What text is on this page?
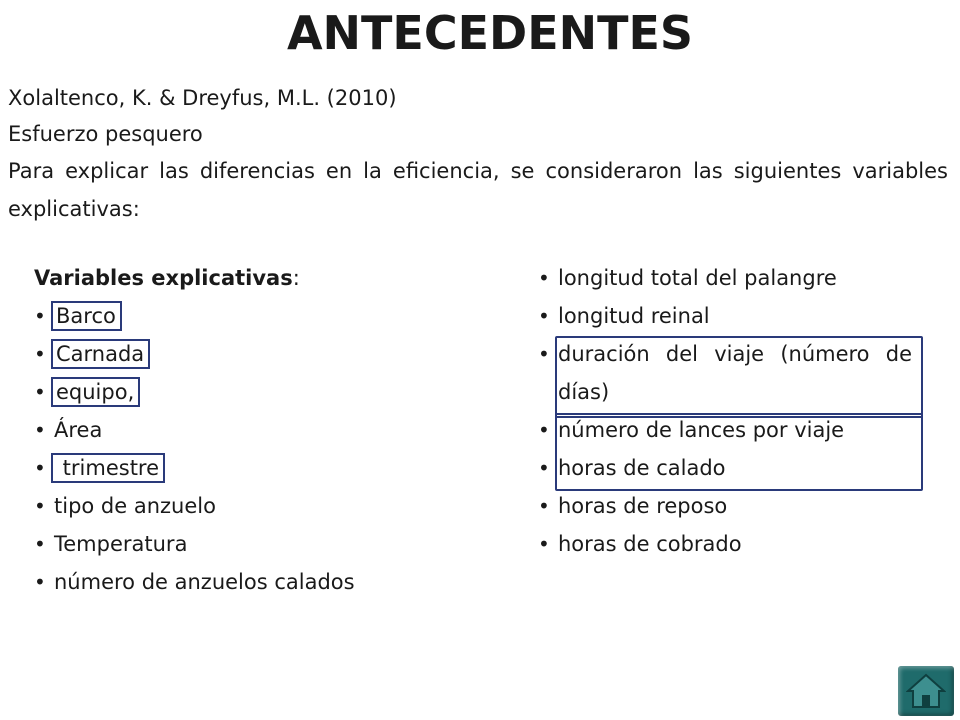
ANTECEDENTES
Xolaltenco, K. & Dreyfus, M.L. (2010)
Esfuerzo pesquero
Para explicar las diferencias en la eficiencia, se consideraron las siguientes variables explicativas:
Variables explicativas:
• Barco
• Carnada
• equipo,
• Área
•  trimestre
• tipo de anzuelo
• Temperatura
• número de anzuelos calados
• longitud total del palangre
• longitud reinal
• duración del viaje (número de días)
• número de lances por viaje
• horas de calado
• horas de reposo
• horas de cobrado
